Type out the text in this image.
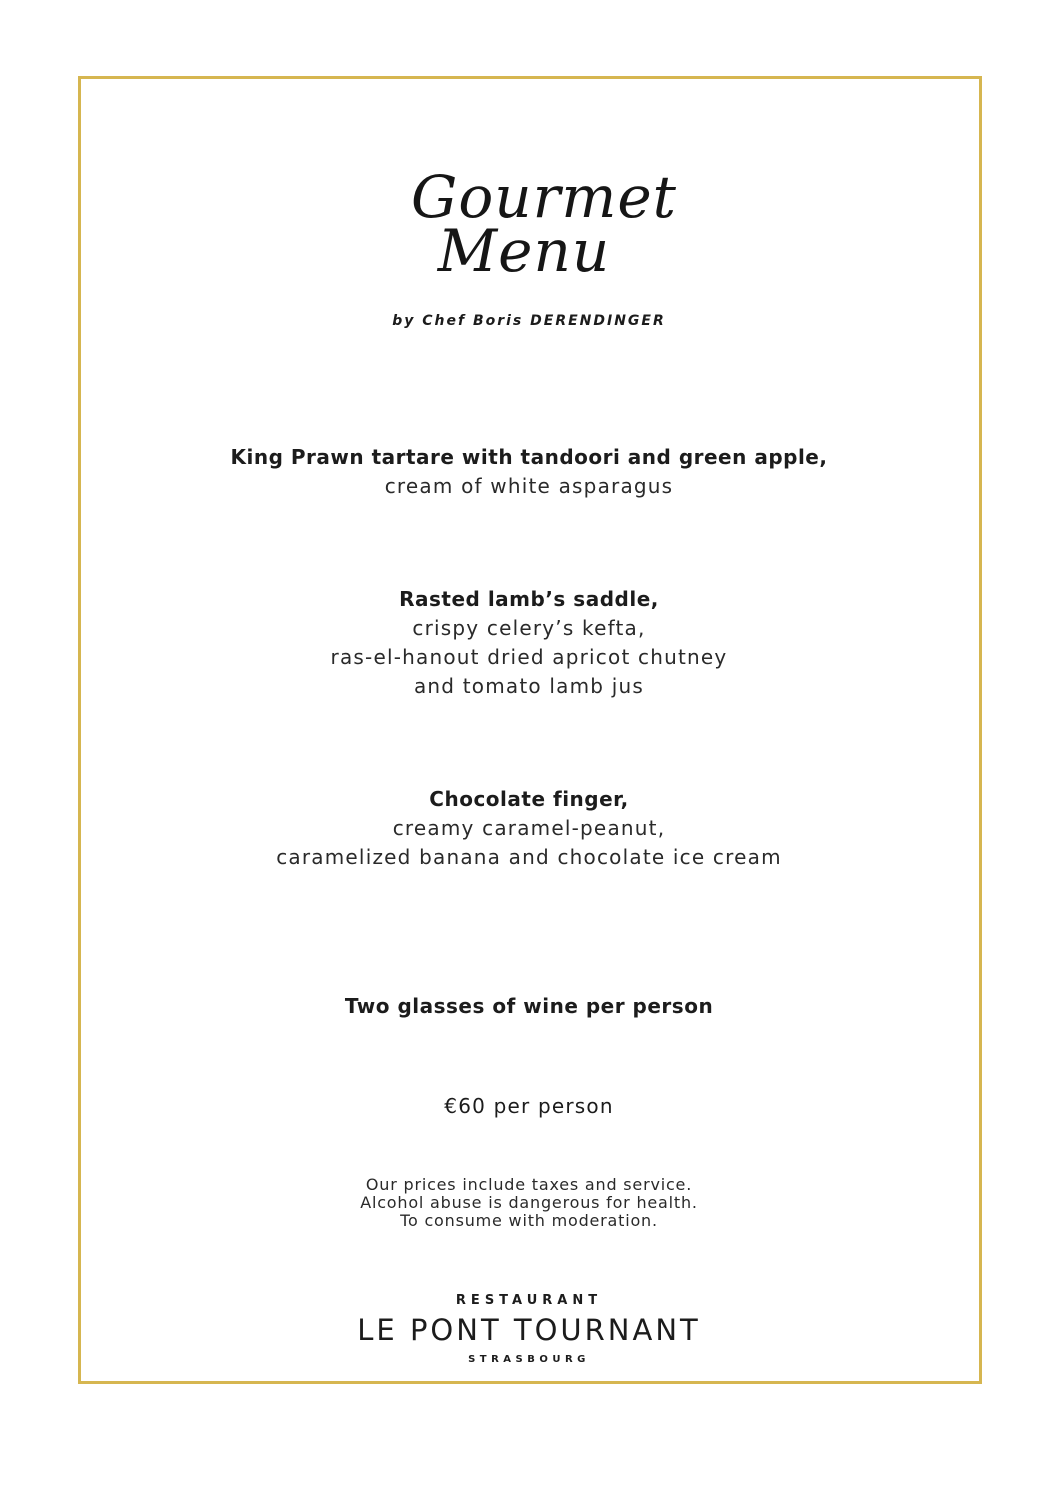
Gourmet
Menu
by Chef Boris DERENDINGER
King Prawn tartare with tandoori and green apple,
cream of white asparagus
Rasted lamb’s saddle,
crispy celery’s kefta,
ras-el-hanout dried apricot chutney
and tomato lamb jus
Chocolate finger,
creamy caramel-peanut,
caramelized banana and chocolate ice cream
Two glasses of wine per person
€60 per person
Our prices include taxes and service.
Alcohol abuse is dangerous for health.
To consume with moderation.
RESTAURANT
LE PONT TOURNANT
STRASBOURG
